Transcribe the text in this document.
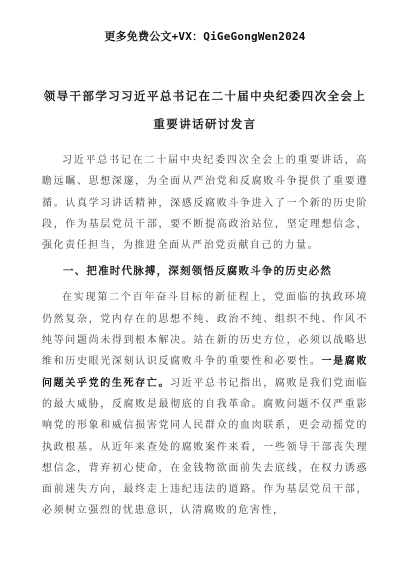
更多免费公文+VX：QiGeGongWen2024
领导干部学习习近平总书记在二十届中央纪委四次全会上
重要讲话研讨发言

习近平总书记在二十届中央纪委四次全会上的重要讲话，高瞻远瞩、思想深邃，为全面从严治党和反腐败斗争提供了重要遵循。认真学习讲话精神，深感反腐败斗争进入了一个新的历史阶段，作为基层党员干部，要不断提高政治站位，坚定理想信念，强化责任担当，为推进全面从严治党贡献自己的力量。

一、把准时代脉搏，深刻领悟反腐败斗争的历史必然

在实现第二个百年奋斗目标的新征程上，党面临的执政环境仍然复杂，党内存在的思想不纯、政治不纯、组织不纯、作风不纯等问题尚未得到根本解决。站在新的历史方位，必须以战略思维和历史眼光深刻认识反腐败斗争的重要性和必要性。一是腐败问题关乎党的生死存亡。习近平总书记指出，腐败是我们党面临的最大威胁，反腐败是最彻底的自我革命。腐败问题不仅严重影响党的形象和威信损害党同人民群众的血肉联系，更会动摇党的执政根基。从近年来查处的腐败案件来看，一些领导干部丧失理想信念，背弃初心使命，在金钱物欲面前失去底线，在权力诱惑面前迷失方向，最终走上违纪违法的道路。作为基层党员干部，必须树立强烈的忧患意识，认清腐败的危害性，
